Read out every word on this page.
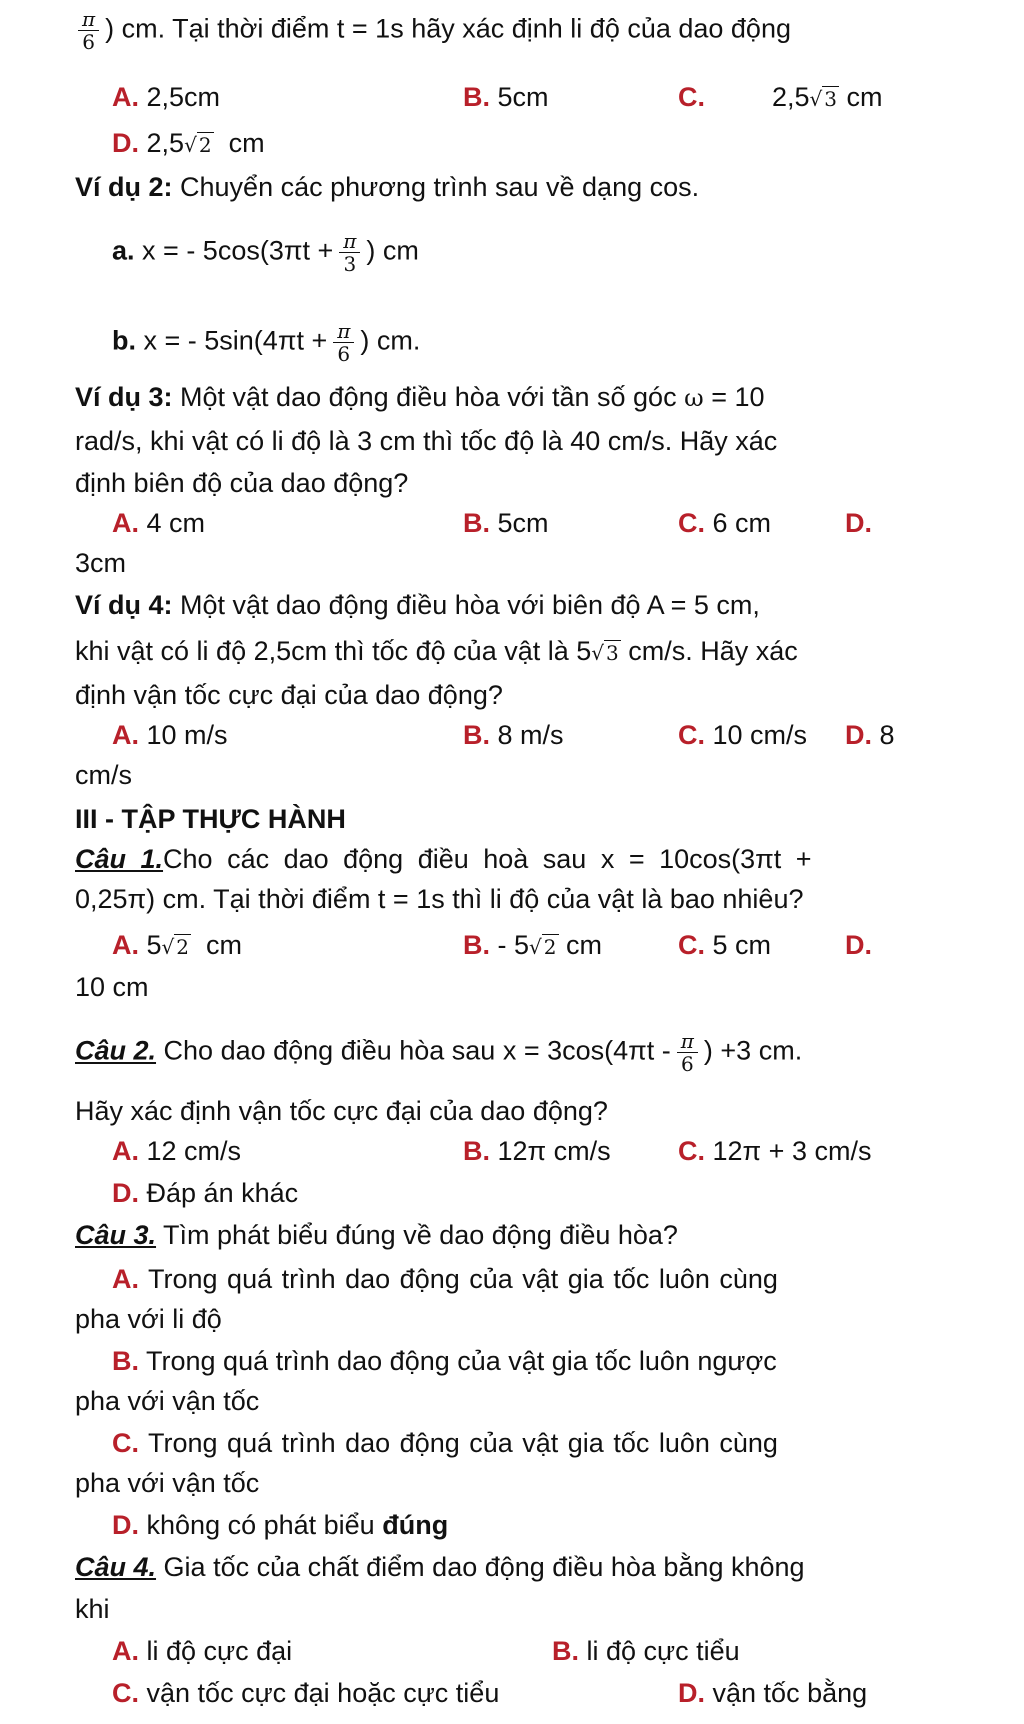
$\frac{\pi}{6}$ ) cm. Tại thời điểm t = 1s hãy xác định li độ của dao động
A. 2,5cm	B. 5cm	C. 2,5√ 3 cm
D. 2,5√ 2 cm
Ví dụ 2: Chuyển các phương trình sau về dạng cos.
a. x = - $5\cos(3\pi t + \frac{\pi}{3}$ ) cm
b. x = - $5\sin(4\pi t + \frac{\pi}{6}$ ) cm.
Ví dụ 3: Một vật dao động điều hòa với tần số góc ω = 10
rad/s, khi vật có li độ là 3 cm thì tốc độ là 40 cm/s. Hãy xác
định biên độ của dao động?
A. 4 cm	B. 5cm	C. 6 cm	D.
3cm
Ví dụ 4: Một vật dao động điều hòa với biên độ A = 5 cm,
khi vật có li độ 2,5cm thì tốc độ của vật là 5√ 3 cm/s. Hãy xác
định vận tốc cực đại của dao động?
A. 10 m/s	B. 8 m/s	C. 10 cm/s D. 8
cm/s
III - TẬP THỰC HÀNH
Câu 1.Cho các dao động điều hoà sau x = 10cos(3πt +
0,25π) cm. Tại thời điểm t = 1s thì li độ của vật là bao nhiêu?
A. 5√ 2 cm	B. - 5√ 2 cm	C. 5 cm	D.
10 cm
Câu 2. Cho dao động điều hòa sau $x = 3\cos(4\pi t - \frac{\pi}{6}$ ) +3 cm.
Hãy xác định vận tốc cực đại của dao động?
A. 12 cm/s	B. 12π cm/s C. 12π + 3 cm/s
D. Đáp án khác
Câu 3. Tìm phát biểu đúng về dao động điều hòa?
A. Trong quá trình dao động của vật gia tốc luôn cùng
pha với li độ
B. Trong quá trình dao động của vật gia tốc luôn ngược
pha với vận tốc
C. Trong quá trình dao động của vật gia tốc luôn cùng
pha với vận tốc
D. không có phát biểu đúng
Câu 4. Gia tốc của chất điểm dao động điều hòa bằng không
khi
A. li độ cực đại	B. li độ cực tiểu
C. vận tốc cực đại hoặc cực tiểu	D. vận tốc bằng
